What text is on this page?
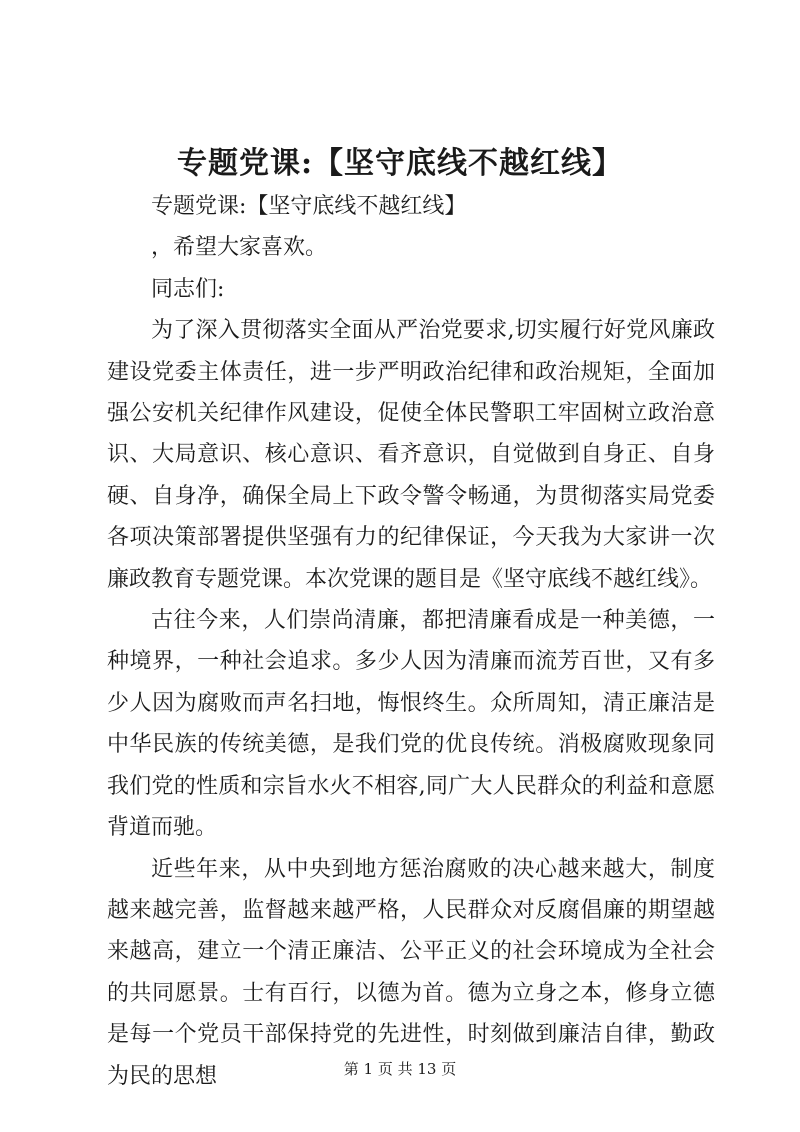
专题党课:【坚守底线不越红线】

专题党课:【坚守底线不越红线】

，希望大家喜欢。

同志们:

为了深入贯彻落实全面从严治党要求,切实履行好党风廉政建设党委主体责任，进一步严明政治纪律和政治规矩，全面加强公安机关纪律作风建设，促使全体民警职工牢固树立政治意识、大局意识、核心意识、看齐意识，自觉做到自身正、自身硬、自身净，确保全局上下政令警令畅通，为贯彻落实局党委各项决策部署提供坚强有力的纪律保证，今天我为大家讲一次廉政教育专题党课。本次党课的题目是《坚守底线不越红线》。

古往今来，人们崇尚清廉，都把清廉看成是一种美德，一种境界，一种社会追求。多少人因为清廉而流芳百世，又有多少人因为腐败而声名扫地，悔恨终生。众所周知，清正廉洁是中华民族的传统美德，是我们党的优良传统。消极腐败现象同我们党的性质和宗旨水火不相容,同广大人民群众的利益和意愿背道而驰。

近些年来，从中央到地方惩治腐败的决心越来越大，制度越来越完善，监督越来越严格，人民群众对反腐倡廉的期望越来越高，建立一个清正廉洁、公平正义的社会环境成为全社会的共同愿景。士有百行，以德为首。德为立身之本，修身立德是每一个党员干部保持党的先进性，时刻做到廉洁自律，勤政为民的思想	第 1 页 共 13 页
